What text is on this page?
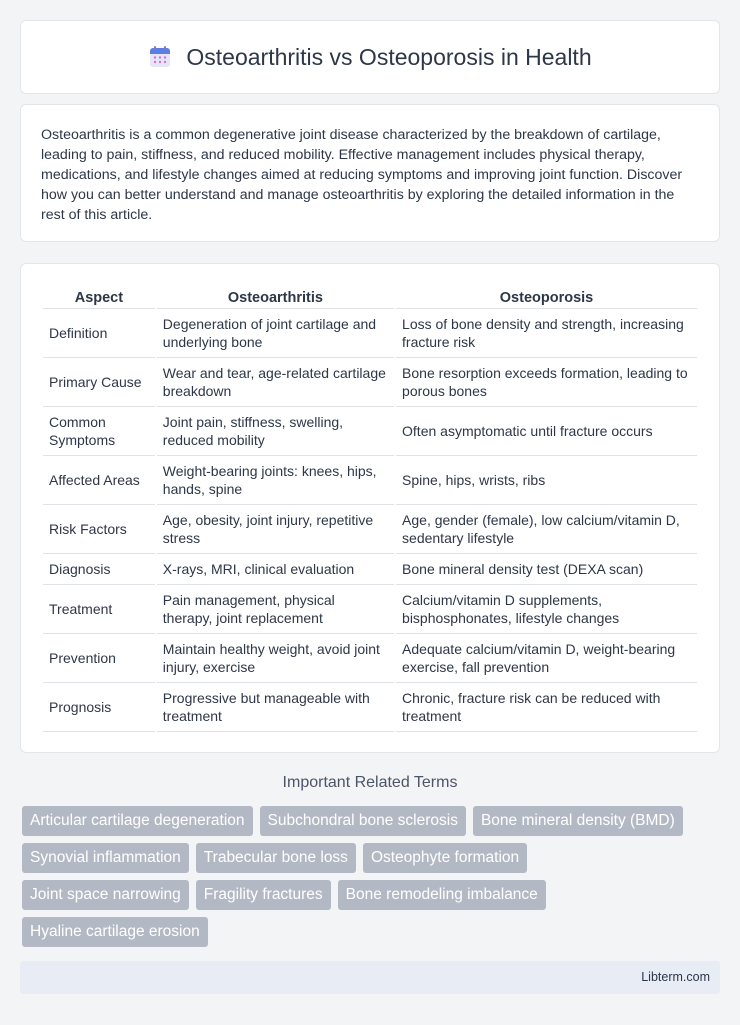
Osteoarthritis vs Osteoporosis in Health

Osteoarthritis is a common degenerative joint disease characterized by the breakdown of cartilage, leading to pain, stiffness, and reduced mobility. Effective management includes physical therapy, medications, and lifestyle changes aimed at reducing symptoms and improving joint function. Discover how you can better understand and manage osteoarthritis by exploring the detailed information in the rest of this article.

Aspect	Osteoarthritis	Osteoporosis
Definition	Degeneration of joint cartilage and underlying bone	Loss of bone density and strength, increasing fracture risk
Primary Cause	Wear and tear, age-related cartilage breakdown	Bone resorption exceeds formation, leading to porous bones
Common Symptoms	Joint pain, stiffness, swelling, reduced mobility	Often asymptomatic until fracture occurs
Affected Areas	Weight-bearing joints: knees, hips, hands, spine	Spine, hips, wrists, ribs
Risk Factors	Age, obesity, joint injury, repetitive stress	Age, gender (female), low calcium/vitamin D, sedentary lifestyle
Diagnosis	X-rays, MRI, clinical evaluation	Bone mineral density test (DEXA scan)
Treatment	Pain management, physical therapy, joint replacement	Calcium/vitamin D supplements, bisphosphonates, lifestyle changes
Prevention	Maintain healthy weight, avoid joint injury, exercise	Adequate calcium/vitamin D, weight-bearing exercise, fall prevention
Prognosis	Progressive but manageable with treatment	Chronic, fracture risk can be reduced with treatment
Important Related Terms
Articular cartilage degeneration	Subchondral bone sclerosis	Bone mineral density (BMD)
Synovial inflammation	Trabecular bone loss	Osteophyte formation
Joint space narrowing	Fragility fractures	Bone remodeling imbalance
Hyaline cartilage erosion
Libterm.com
